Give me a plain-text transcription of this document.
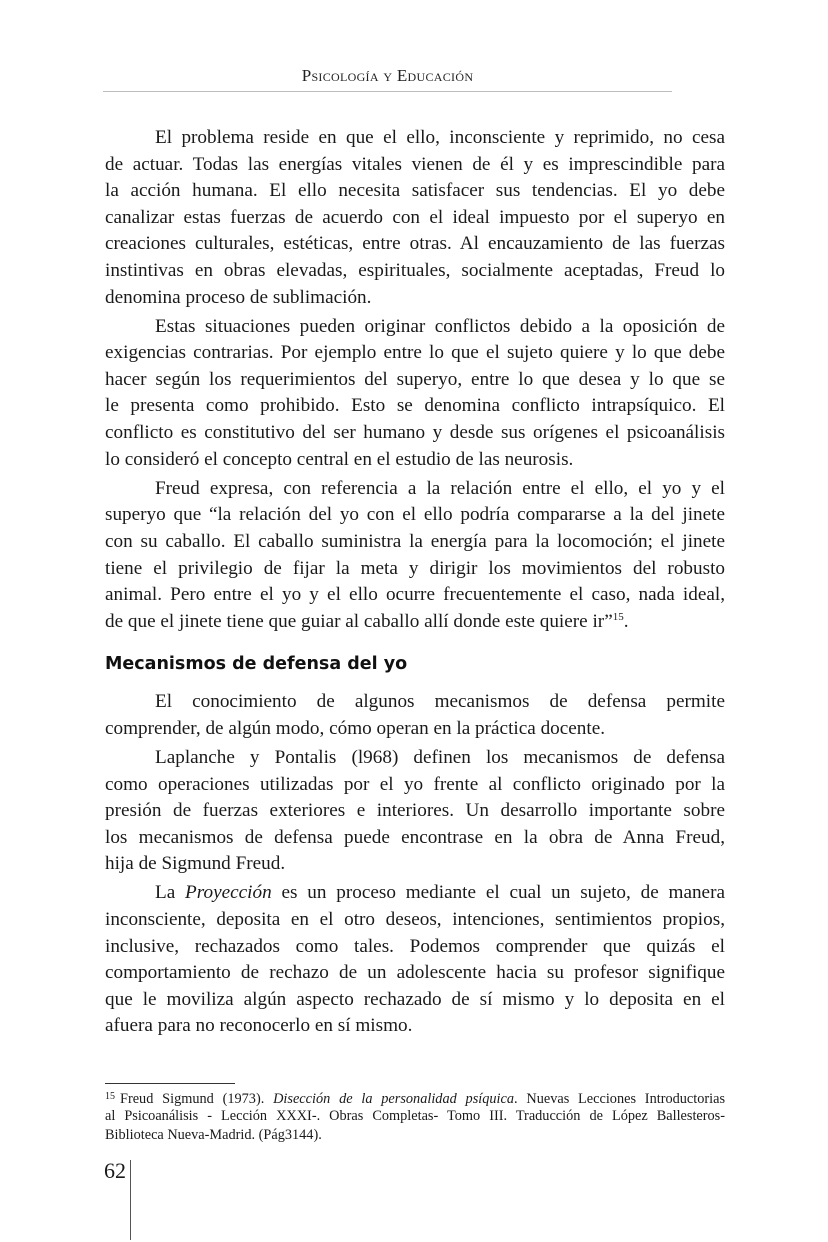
Psicología y Educación
El problema reside en que el ello, inconsciente y reprimido, no cesa
de actuar. Todas las energías vitales vienen de él y es imprescindible para
la acción humana. El ello necesita satisfacer sus tendencias. El yo debe
canalizar estas fuerzas de acuerdo con el ideal impuesto por el superyo en
creaciones culturales, estéticas, entre otras. Al encauzamiento de las fuerzas
instintivas en obras elevadas, espirituales, socialmente aceptadas, Freud lo
denomina proceso de sublimación.
Estas situaciones pueden originar conflictos debido a la oposición de
exigencias contrarias. Por ejemplo entre lo que el sujeto quiere y lo que debe
hacer según los requerimientos del superyo, entre lo que desea y lo que se
le presenta como prohibido. Esto se denomina conflicto intrapsíquico. El
conflicto es constitutivo del ser humano y desde sus orígenes el psicoanálisis
lo consideró el concepto central en el estudio de las neurosis.
Freud expresa, con referencia a la relación entre el ello, el yo y el
superyo que “la relación del yo con el ello podría compararse a la del jinete
con su caballo. El caballo suministra la energía para la locomoción; el jinete
tiene el privilegio de fijar la meta y dirigir los movimientos del robusto
animal. Pero entre el yo y el ello ocurre frecuentemente el caso, nada ideal,
de que el jinete tiene que guiar al caballo allí donde este quiere ir”$^{15}$.
Mecanismos de defensa del yo
El conocimiento de algunos mecanismos de defensa permite
comprender, de algún modo, cómo operan en la práctica docente.
Laplanche y Pontalis (l968) definen los mecanismos de defensa
como operaciones utilizadas por el yo frente al conflicto originado por la
presión de fuerzas exteriores e interiores. Un desarrollo importante sobre
los mecanismos de defensa puede encontrase en la obra de Anna Freud,
hija de Sigmund Freud.
La Proyección es un proceso mediante el cual un sujeto, de manera
inconsciente, deposita en el otro deseos, intenciones, sentimientos propios,
inclusive, rechazados como tales. Podemos comprender que quizás el
comportamiento de rechazo de un adolescente hacia su profesor signifique
que le moviliza algún aspecto rechazado de sí mismo y lo deposita en el
afuera para no reconocerlo en sí mismo.
$^{15}$ Freud Sigmund (1973). Disección de la personalidad psíquica. Nuevas Lecciones Introductorias
al Psicoanálisis - Lección XXXI-. Obras Completas- Tomo III. Traducción de López Ballesteros-
Biblioteca Nueva-Madrid. (Pág3144).
62
